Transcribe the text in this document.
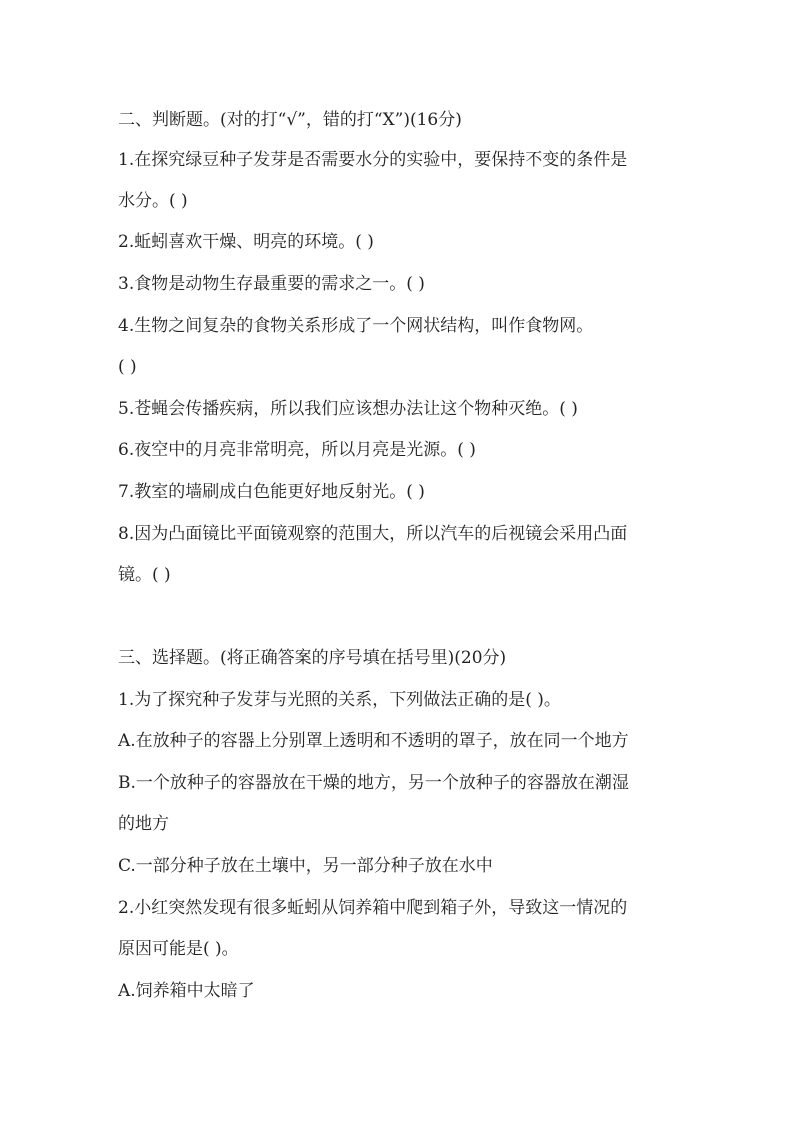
二、判断题。(对的打“√”，错的打“X”)(16分)
1.在探究绿豆种子发芽是否需要水分的实验中，要保持不变的条件是
水分。( )
2.蚯蚓喜欢干燥、明亮的环境。( )
3.食物是动物生存最重要的需求之一。( )
4.生物之间复杂的食物关系形成了一个网状结构，叫作食物网。
( )
5.苍蝇会传播疾病，所以我们应该想办法让这个物种灭绝。( )
6.夜空中的月亮非常明亮，所以月亮是光源。( )
7.教室的墙刷成白色能更好地反射光。( )
8.因为凸面镜比平面镜观察的范围大，所以汽车的后视镜会采用凸面
镜。( )
三、选择题。(将正确答案的序号填在括号里)(20分)
1.为了探究种子发芽与光照的关系，下列做法正确的是( )。
A.在放种子的容器上分别罩上透明和不透明的罩子，放在同一个地方
B.一个放种子的容器放在干燥的地方，另一个放种子的容器放在潮湿
的地方
C.一部分种子放在土壤中，另一部分种子放在水中
2.小红突然发现有很多蚯蚓从饲养箱中爬到箱子外，导致这一情况的
原因可能是( )。
A.饲养箱中太暗了
